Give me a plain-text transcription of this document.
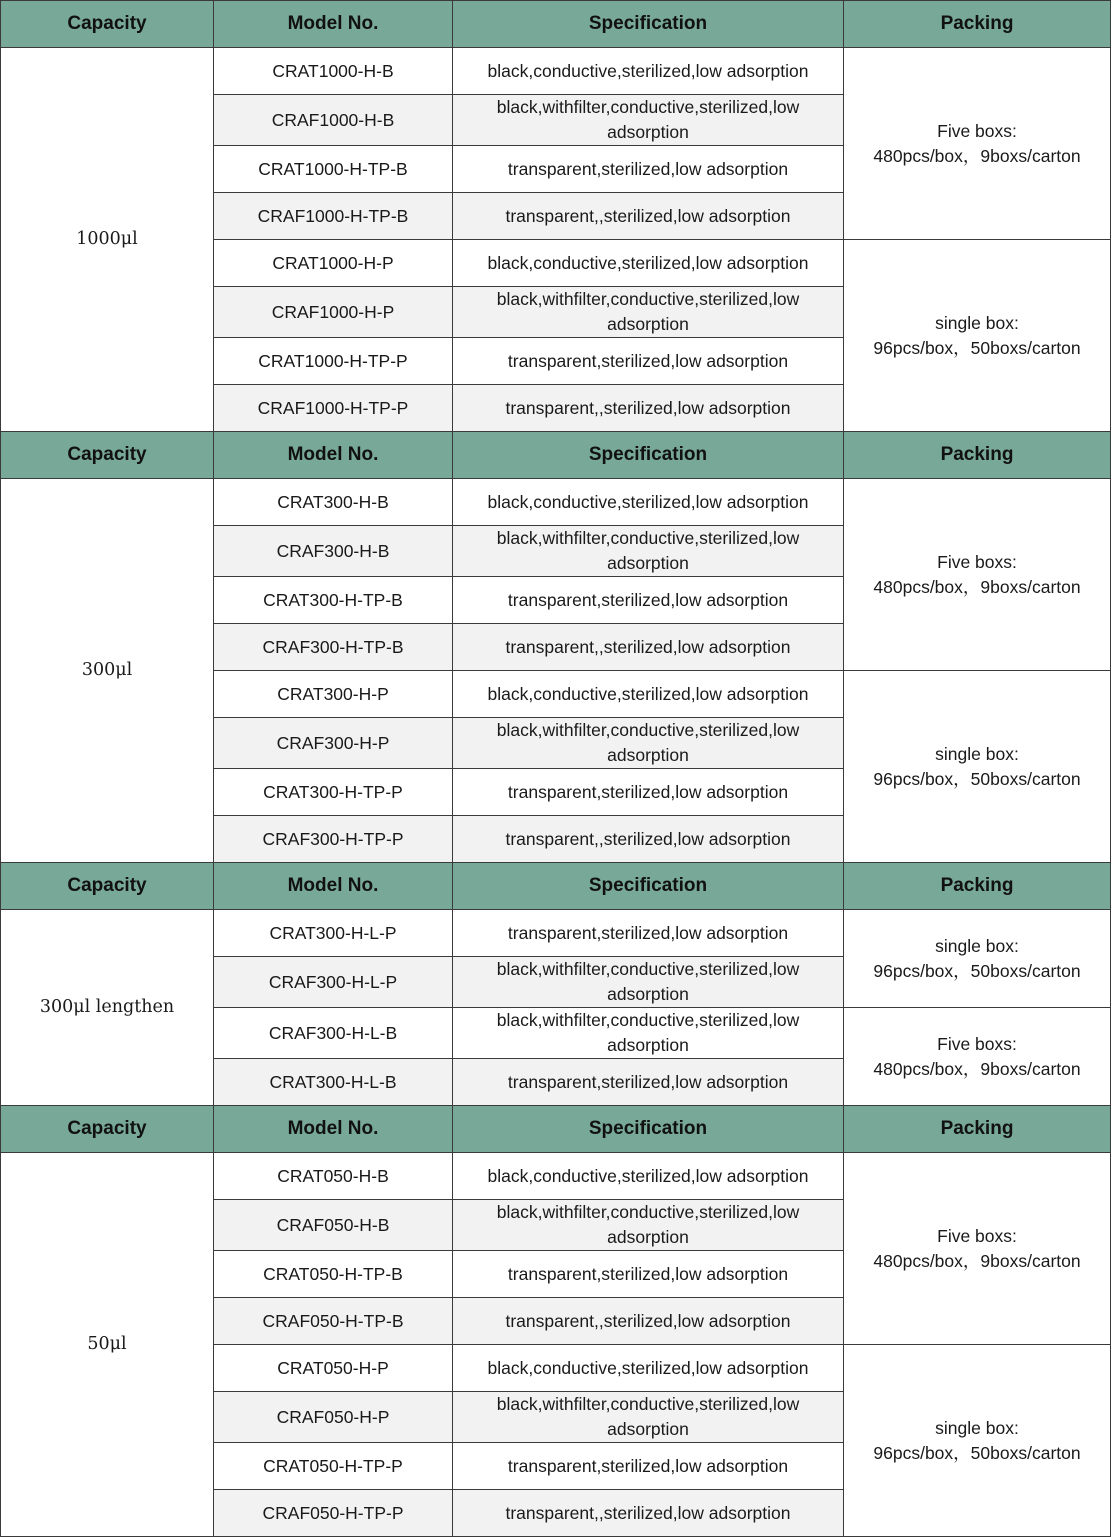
Capacity	Model No.	Specification	Packing
1000μl	CRAT1000-H-B	black,conductive,sterilized,low adsorption	Five boxs:
480pcs/box，9boxs/carton

	CRAF1000-H-B	black,withfilter,conductive,sterilized,low adsorption	
	CRAT1000-H-TP-B	transparent,sterilized,low adsorption	
	CRAF1000-H-TP-B	transparent,,sterilized,low adsorption	
	CRAT1000-H-P	black,conductive,sterilized,low adsorption	single box:
96pcs/box，50boxs/carton

	CRAF1000-H-P	black,withfilter,conductive,sterilized,low adsorption	
	CRAT1000-H-TP-P	transparent,sterilized,low adsorption	
	CRAF1000-H-TP-P	transparent,,sterilized,low adsorption	
Capacity	Model No.	Specification	Packing
300μl	CRAT300-H-B	black,conductive,sterilized,low adsorption	Five boxs:
480pcs/box，9boxs/carton

	CRAF300-H-B	black,withfilter,conductive,sterilized,low adsorption	
	CRAT300-H-TP-B	transparent,sterilized,low adsorption	
	CRAF300-H-TP-B	transparent,,sterilized,low adsorption	
	CRAT300-H-P	black,conductive,sterilized,low adsorption	single box:
96pcs/box，50boxs/carton

	CRAF300-H-P	black,withfilter,conductive,sterilized,low adsorption	
	CRAT300-H-TP-P	transparent,sterilized,low adsorption	
	CRAF300-H-TP-P	transparent,,sterilized,low adsorption	
Capacity	Model No.	Specification	Packing
300μl lengthen	CRAT300-H-L-P	transparent,sterilized,low adsorption	single box:
96pcs/box，50boxs/carton

	CRAF300-H-L-P	black,withfilter,conductive,sterilized,low adsorption	
	CRAF300-H-L-B	black,withfilter,conductive,sterilized,low adsorption	Five boxs:
480pcs/box，9boxs/carton

	CRAT300-H-L-B	transparent,sterilized,low adsorption	
Capacity	Model No.	Specification	Packing
50μl	CRAT050-H-B	black,conductive,sterilized,low adsorption	Five boxs:
480pcs/box，9boxs/carton

	CRAF050-H-B	black,withfilter,conductive,sterilized,low adsorption	
	CRAT050-H-TP-B	transparent,sterilized,low adsorption	
	CRAF050-H-TP-B	transparent,,sterilized,low adsorption	
	CRAT050-H-P	black,conductive,sterilized,low adsorption	single box:
96pcs/box，50boxs/carton

	CRAF050-H-P	black,withfilter,conductive,sterilized,low adsorption	
	CRAT050-H-TP-P	transparent,sterilized,low adsorption	
	CRAF050-H-TP-P	transparent,,sterilized,low adsorption	
